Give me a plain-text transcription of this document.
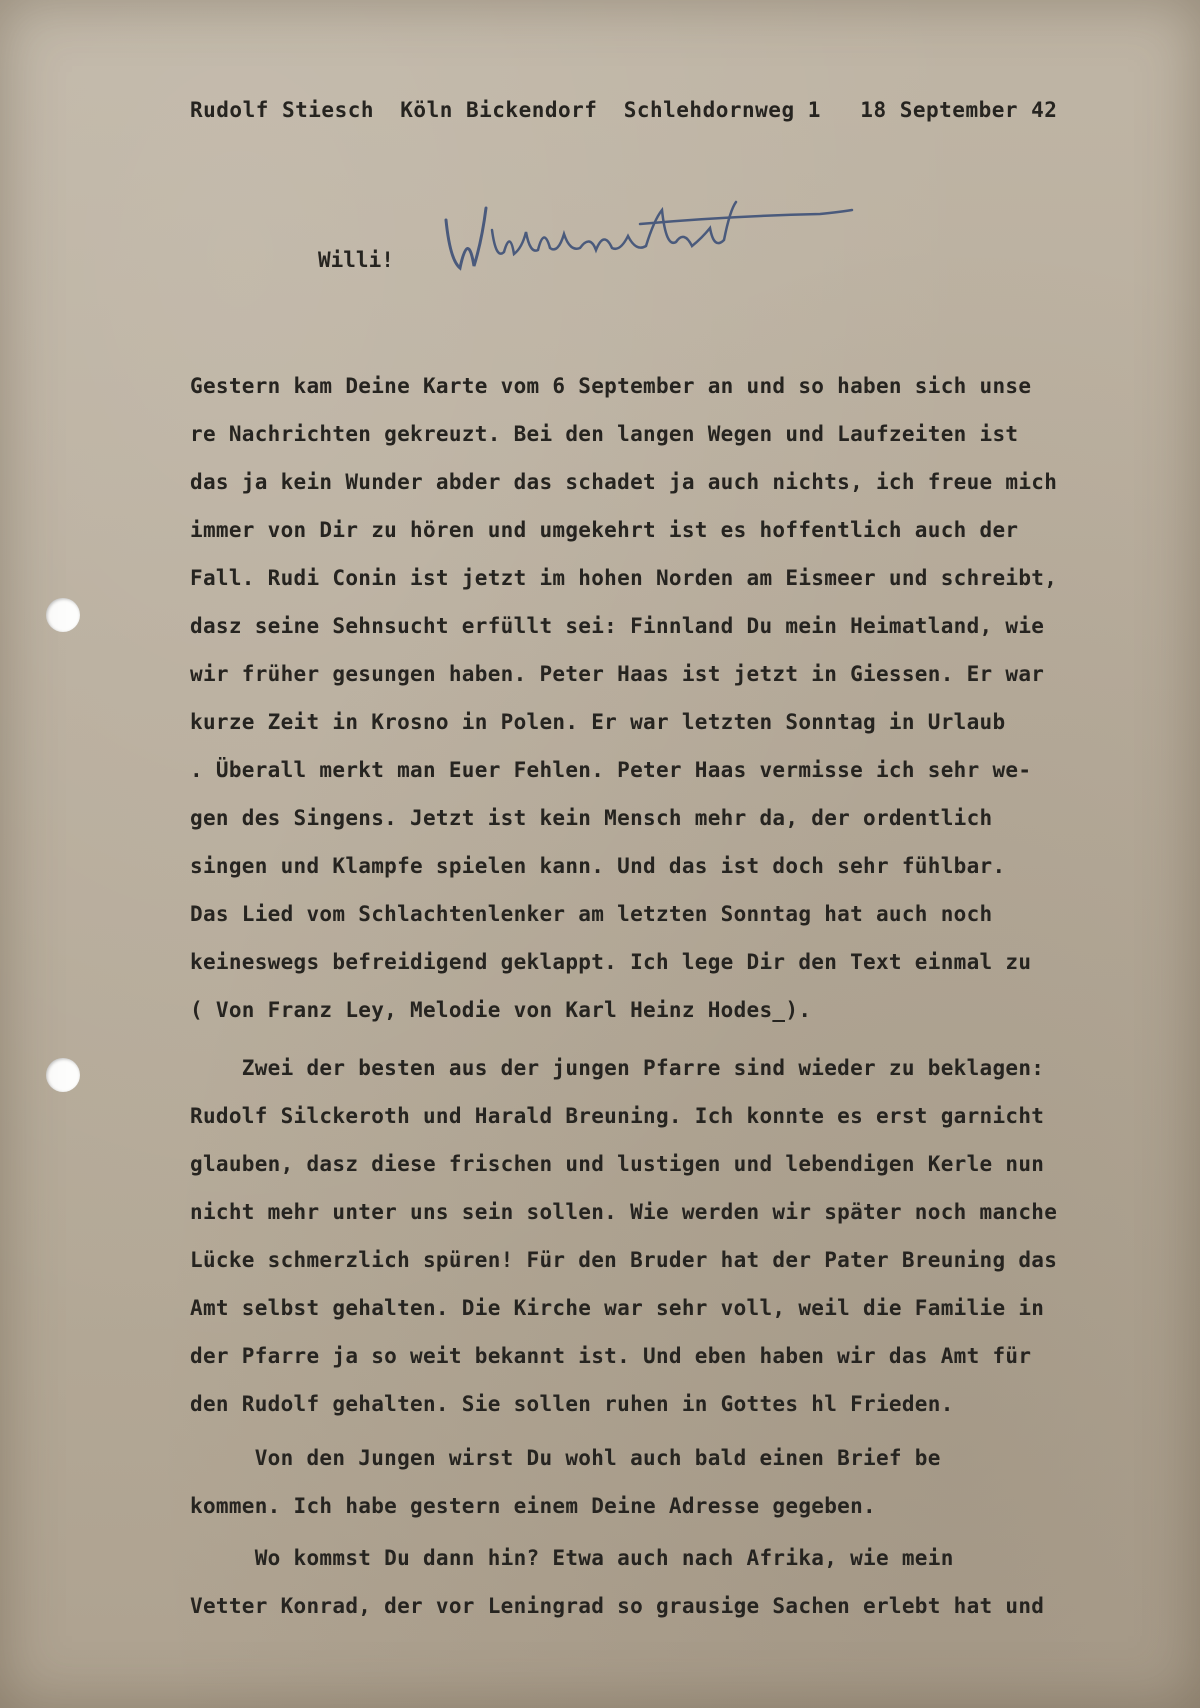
Rudolf Stiesch  Köln Bickendorf  Schlehdornweg 1   18 September 42
Willi!
Gestern kam Deine Karte vom 6 September an und so haben sich unse
re Nachrichten gekreuzt. Bei den langen Wegen und Laufzeiten ist
das ja kein Wunder abder das schadet ja auch nichts, ich freue mich
immer von Dir zu hören und umgekehrt ist es hoffentlich auch der
Fall. Rudi Conin ist jetzt im hohen Norden am Eismeer und schreibt,
dasz seine Sehnsucht erfüllt sei: Finnland Du mein Heimatland, wie
wir früher gesungen haben. Peter Haas ist jetzt in Giessen. Er war
kurze Zeit in Krosno in Polen. Er war letzten Sonntag in Urlaub
. Überall merkt man Euer Fehlen. Peter Haas vermisse ich sehr we-
gen des Singens. Jetzt ist kein Mensch mehr da, der ordentlich
singen und Klampfe spielen kann. Und das ist doch sehr fühlbar.
Das Lied vom Schlachtenlenker am letzten Sonntag hat auch noch
keineswegs befreidigend geklappt. Ich lege Dir den Text einmal zu
( Von Franz Ley, Melodie von Karl Heinz Hodes_).
Zwei der besten aus der jungen Pfarre sind wieder zu beklagen:
Rudolf Silckeroth und Harald Breuning. Ich konnte es erst garnicht
glauben, dasz diese frischen und lustigen und lebendigen Kerle nun
nicht mehr unter uns sein sollen. Wie werden wir später noch manche
Lücke schmerzlich spüren! Für den Bruder hat der Pater Breuning das
Amt selbst gehalten. Die Kirche war sehr voll, weil die Familie in
der Pfarre ja so weit bekannt ist. Und eben haben wir das Amt für
den Rudolf gehalten. Sie sollen ruhen in Gottes hl Frieden.
Von den Jungen wirst Du wohl auch bald einen Brief be
kommen. Ich habe gestern einem Deine Adresse gegeben.
Wo kommst Du dann hin? Etwa auch nach Afrika, wie mein
Vetter Konrad, der vor Leningrad so grausige Sachen erlebt hat und
